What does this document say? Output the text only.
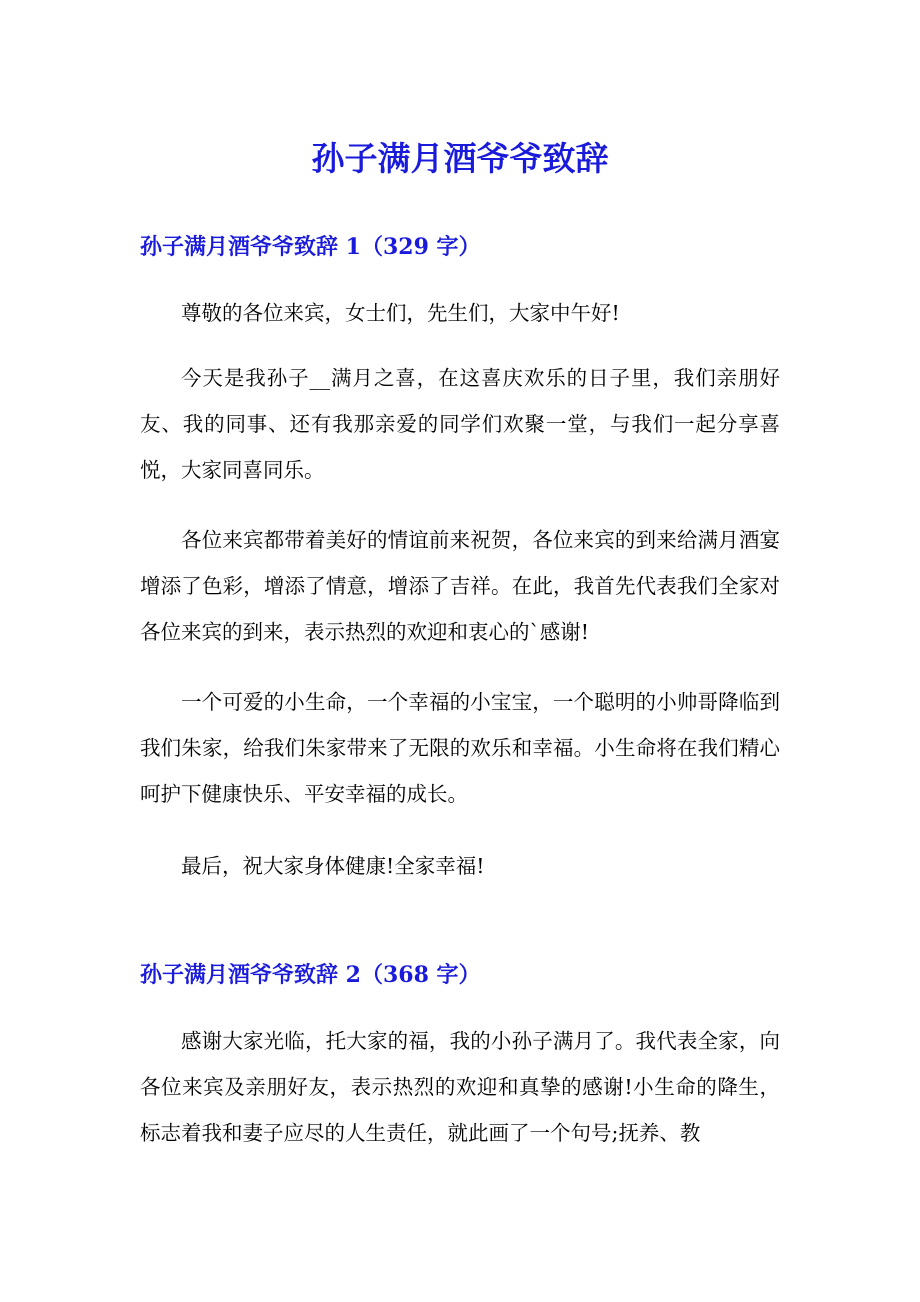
孙子满月酒爷爷致辞
孙子满月酒爷爷致辞 1（329 字）

尊敬的各位来宾，女士们，先生们，大家中午好!

今天是我孙子__满月之喜，在这喜庆欢乐的日子里，我们亲朋好友、我的同事、还有我那亲爱的同学们欢聚一堂，与我们一起分享喜悦，大家同喜同乐。

各位来宾都带着美好的情谊前来祝贺，各位来宾的到来给满月酒宴增添了色彩，增添了情意，增添了吉祥。在此，我首先代表我们全家对各位来宾的到来，表示热烈的欢迎和衷心的`感谢!

一个可爱的小生命，一个幸福的小宝宝，一个聪明的小帅哥降临到我们朱家，给我们朱家带来了无限的欢乐和幸福。小生命将在我们精心呵护下健康快乐、平安幸福的成长。

最后，祝大家身体健康!全家幸福!

孙子满月酒爷爷致辞 2（368 字）

感谢大家光临，托大家的福，我的小孙子满月了。我代表全家，向各位来宾及亲朋好友，表示热烈的欢迎和真挚的感谢!小生命的降生，标志着我和妻子应尽的人生责任，就此画了一个句号;抚养、教
